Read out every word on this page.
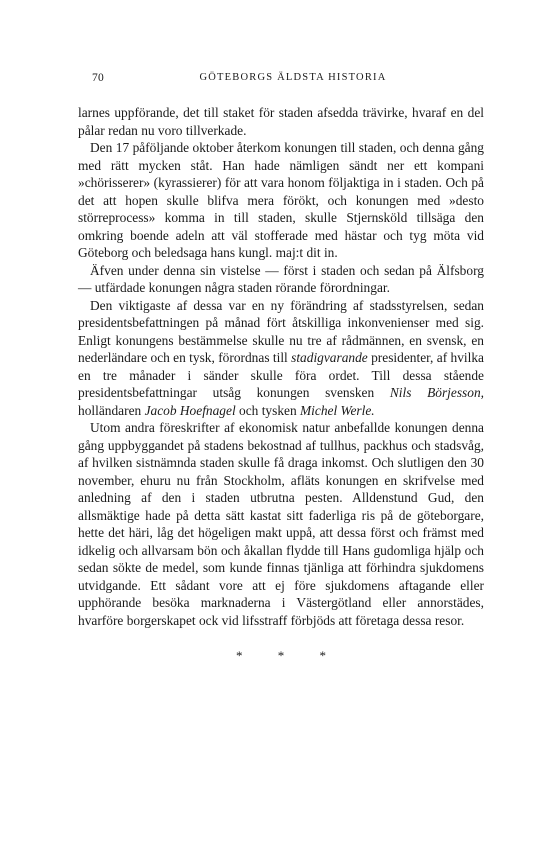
70	GÖTEBORGS ÄLDSTA HISTORIA

larnes uppförande, det till staket för staden afsedda trävirke, hvaraf en del pålar redan nu voro tillverkade.

Den 17 påföljande oktober återkom konungen till staden, och denna gång med rätt mycken ståt. Han hade nämligen sändt ner ett kompani »chörisserer» (kyrassierer) för att vara honom följaktiga in i staden. Och på det att hopen skulle blifva mera förökt, och konungen med »desto störreprocess» komma in till staden, skulle Stjernsköld tillsäga den omkring boende adeln att väl stofferade med hästar och tyg möta vid Göteborg och beledsaga hans kungl. maj:t dit in.

Äfven under denna sin vistelse — först i staden och sedan på Älfsborg — utfärdade konungen några staden rörande förordningar.

Den viktigaste af dessa var en ny förändring af stadsstyrelsen, sedan presidentsbefattningen på månad fört åtskilliga inkonvenienser med sig. Enligt konungens bestämmelse skulle nu tre af rådmännen, en svensk, en nederländare och en tysk, förordnas till stadigvarande presidenter, af hvilka en tre månader i sänder skulle föra ordet. Till dessa stående presidentsbefattningar utsåg konungen svensken Nils Börjesson, holländaren Jacob Hoefnagel och tysken Michel Werle.

Utom andra föreskrifter af ekonomisk natur anbefallde konungen denna gång uppbyggandet på stadens bekostnad af tullhus, packhus och stadsvåg, af hvilken sistnämnda staden skulle få draga inkomst. Och slutligen den 30 november, ehuru nu från Stockholm, afläts konungen en skrifvelse med anledning af den i staden utbrutna pesten. Alldenstund Gud, den allsmäktige hade på detta sätt kastat sitt faderliga ris på de göteborgare, hette det häri, låg det högeligen makt uppå, att dessa först och främst med idkelig och allvarsam bön och åkallan flydde till Hans gudomliga hjälp och sedan sökte de medel, som kunde finnas tjänliga att förhindra sjukdomens utvidgande. Ett sådant vore att ej före sjukdomens aftagande eller upphörande besöka marknaderna i Västergötland eller annorstädes, hvarföre borgerskapet ock vid lifsstraff förbjöds att företaga dessa resor.

* * *
